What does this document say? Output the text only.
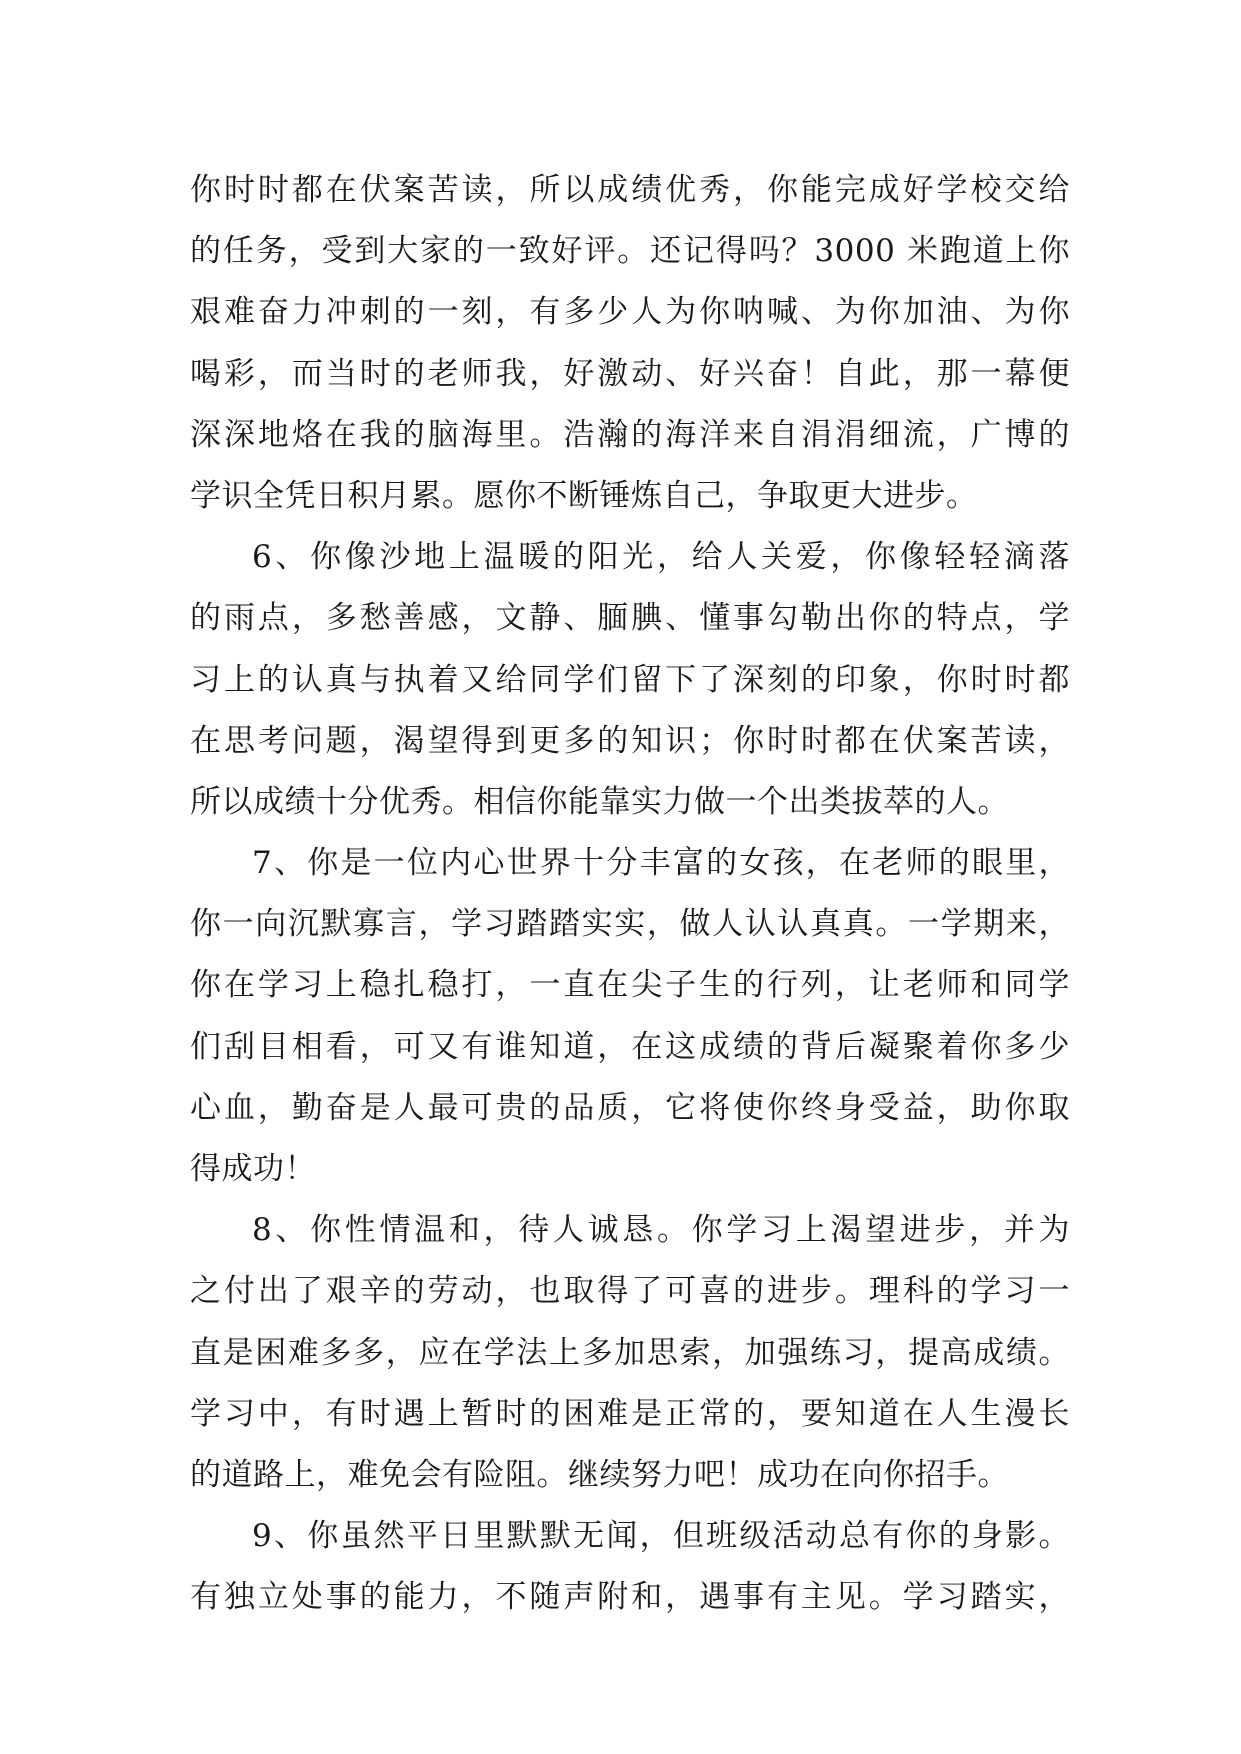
你时时都在伏案苦读，所以成绩优秀，你能完成好学校交给
的任务，受到大家的一致好评。还记得吗？3000 米跑道上你
艰难奋力冲刺的一刻，有多少人为你呐喊、为你加油、为你
喝彩，而当时的老师我，好激动、好兴奋！自此，那一幕便
深深地烙在我的脑海里。浩瀚的海洋来自涓涓细流，广博的
学识全凭日积月累。愿你不断锤炼自己，争取更大进步。
6、你像沙地上温暖的阳光，给人关爱，你像轻轻滴落
的雨点，多愁善感，文静、腼腆、懂事勾勒出你的特点，学
习上的认真与执着又给同学们留下了深刻的印象，你时时都
在思考问题，渴望得到更多的知识；你时时都在伏案苦读，
所以成绩十分优秀。相信你能靠实力做一个出类拔萃的人。
7、你是一位内心世界十分丰富的女孩，在老师的眼里，
你一向沉默寡言，学习踏踏实实，做人认认真真。一学期来，
你在学习上稳扎稳打，一直在尖子生的行列，让老师和同学
们刮目相看，可又有谁知道，在这成绩的背后凝聚着你多少
心血，勤奋是人最可贵的品质，它将使你终身受益，助你取
得成功！
8、你性情温和，待人诚恳。你学习上渴望进步，并为
之付出了艰辛的劳动，也取得了可喜的进步。理科的学习一
直是困难多多，应在学法上多加思索，加强练习，提高成绩。
学习中，有时遇上暂时的困难是正常的，要知道在人生漫长
的道路上，难免会有险阻。继续努力吧！成功在向你招手。
9、你虽然平日里默默无闻，但班级活动总有你的身影。
有独立处事的能力，不随声附和，遇事有主见。学习踏实，
